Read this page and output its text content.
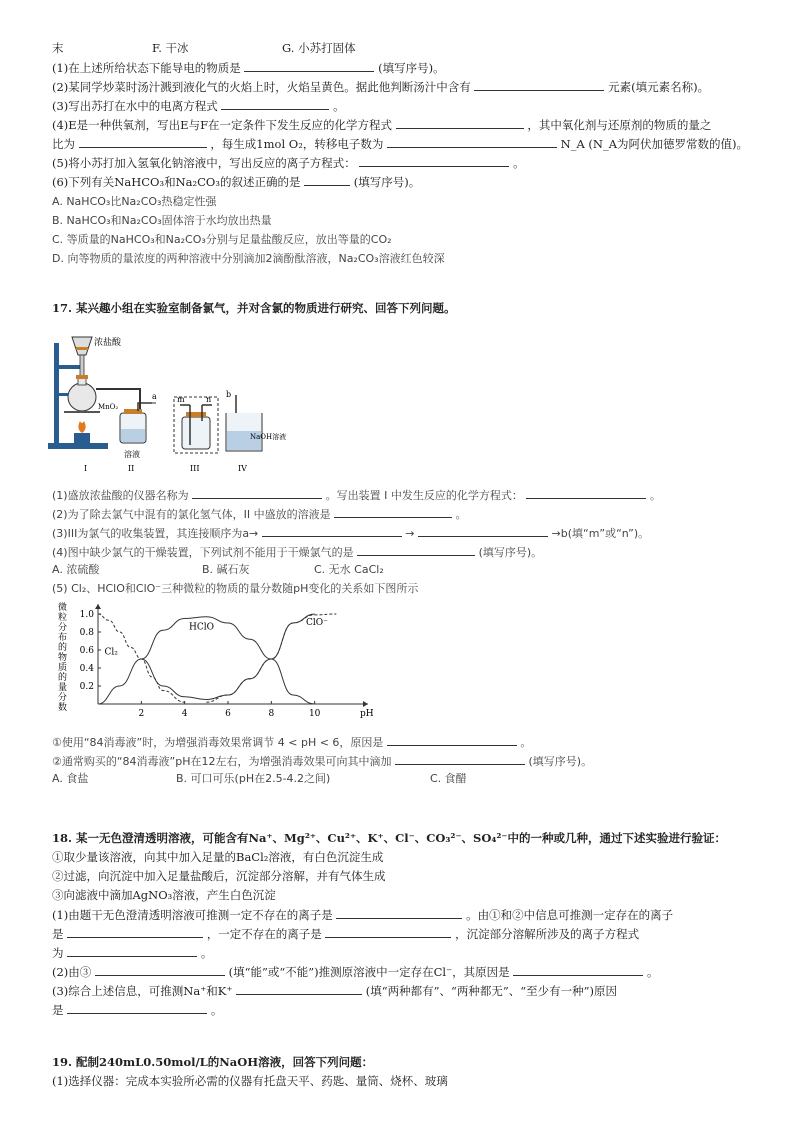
末	F. 干冰	G. 小苏打固体
(1)在上述所给状态下能导电的物质是	(填写序号)。
(2)某同学炒菜时汤汁溅到液化气的火焰上时，火焰呈黄色。据此他判断汤汁中含有	元素(填元素名称)。
(3)写出苏打在水中的电离方程式	。
(4)E是一种供氧剂，写出E与F在一定条件下发生反应的化学方程式	，其中氧化剂与还原剂的物质的量之
比为	，每生成1mol O₂，转移电子数为	N_A (N_A为阿伏加德罗常数的值)。
(5)将小苏打加入氢氧化钠溶液中，写出反应的离子方程式：	。
(6)下列有关NaHCO₃和Na₂CO₃的叙述正确的是	(填写序号)。
A. NaHCO₃比Na₂CO₃热稳定性强
B. NaHCO₃和Na₂CO₃固体溶于水均放出热量
C. 等质量的NaHCO₃和Na₂CO₃分别与足量盐酸反应，放出等量的CO₂
D. 向等物质的量浓度的两种溶液中分别滴加2滴酚酞溶液，Na₂CO₃溶液红色较深
17. 某兴趣小组在实验室制备氯气，并对含氯的物质进行研究、回答下列问题。
浓盐酸
MnO₂
a	m	n
b
溶液
NaOH溶液
I	II	III	IV
(1)盛放浓盐酸的仪器名称为	。写出装置 I 中发生反应的化学方程式：	。
(2)为了除去氯气中混有的氯化氢气体，II 中盛放的溶液是	。
(3)III为氯气的收集装置，其连接顺序为a→	→	→b(填“m”或“n”)。
(4)图中缺少氯气的干燥装置，下列试剂不能用于干燥氯气的是	(填写序号)。
A. 浓硫酸	B. 碱石灰	C. 无水 CaCl₂
(5) Cl₂、HClO和ClO⁻三种微粒的物质的量分数随pH变化的关系如下图所示
微粒分布的物质的量分数
2	4	6	8	10
0.2
0.4
0.6
0.8
1.0
pH
Cl₂
HClO	ClO⁻
①使用“84消毒液”时，为增强消毒效果常调节 4 < pH < 6，原因是	。
②通常购买的“84消毒液”pH在12左右，为增强消毒效果可向其中滴加	(填写序号)。
A. 食盐	B. 可口可乐(pH在2.5-4.2之间)	C. 食醋
18. 某一无色澄清透明溶液，可能含有Na⁺、Mg²⁺、Cu²⁺、K⁺、Cl⁻、CO₃²⁻、SO₄²⁻中的一种或几种，通过下述实验进行验证：
①取少量该溶液，向其中加入足量的BaCl₂溶液，有白色沉淀生成
②过滤，向沉淀中加入足量盐酸后，沉淀部分溶解，并有气体生成
③向滤液中滴加AgNO₃溶液，产生白色沉淀
(1)由题干无色澄清透明溶液可推测一定不存在的离子是	。由①和②中信息可推测一定存在的离子
是	，一定不存在的离子是	，沉淀部分溶解所涉及的离子方程式
为	。
(2)由③	(填“能”或“不能”)推测原溶液中一定存在Cl⁻，其原因是	。
(3)综合上述信息，可推测Na⁺和K⁺	(填“两种都有”、“两种都无”、“至少有一种”)原因
是	。
19. 配制240mL0.50mol/L的NaOH溶液，回答下列问题：
(1)选择仪器：完成本实验所必需的仪器有托盘天平、药匙、量筒、烧杯、玻璃
